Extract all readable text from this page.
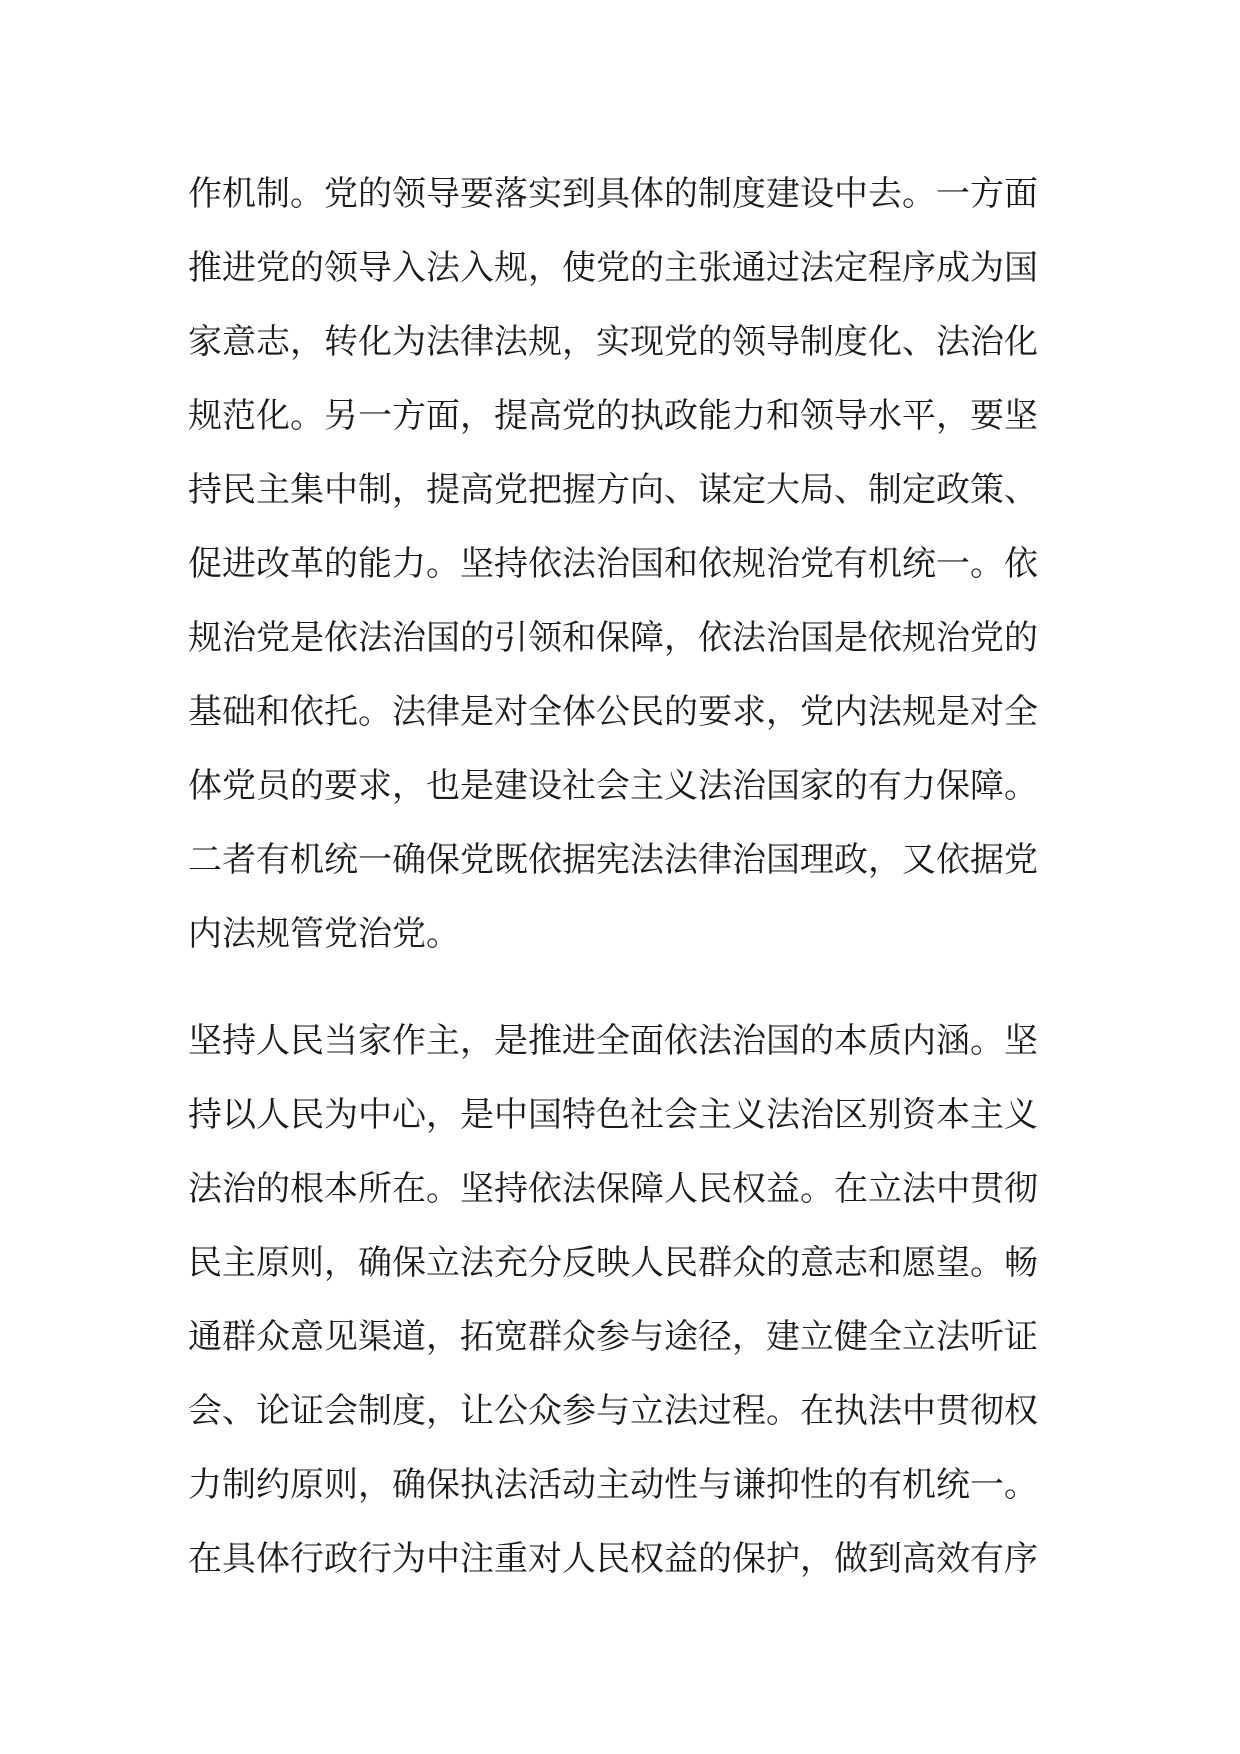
作机制。党的领导要落实到具体的制度建设中去。一方面
推进党的领导入法入规，使党的主张通过法定程序成为国
家意志，转化为法律法规，实现党的领导制度化、法治化
规范化。另一方面，提高党的执政能力和领导水平，要坚
持民主集中制，提高党把握方向、谋定大局、制定政策、
促进改革的能力。坚持依法治国和依规治党有机统一。依
规治党是依法治国的引领和保障，依法治国是依规治党的
基础和依托。法律是对全体公民的要求，党内法规是对全
体党员的要求，也是建设社会主义法治国家的有力保障。
二者有机统一确保党既依据宪法法律治国理政，又依据党
内法规管党治党。
坚持人民当家作主，是推进全面依法治国的本质内涵。坚
持以人民为中心，是中国特色社会主义法治区别资本主义
法治的根本所在。坚持依法保障人民权益。在立法中贯彻
民主原则，确保立法充分反映人民群众的意志和愿望。畅
通群众意见渠道，拓宽群众参与途径，建立健全立法听证
会、论证会制度，让公众参与立法过程。在执法中贯彻权
力制约原则，确保执法活动主动性与谦抑性的有机统一。
在具体行政行为中注重对人民权益的保护，做到高效有序
